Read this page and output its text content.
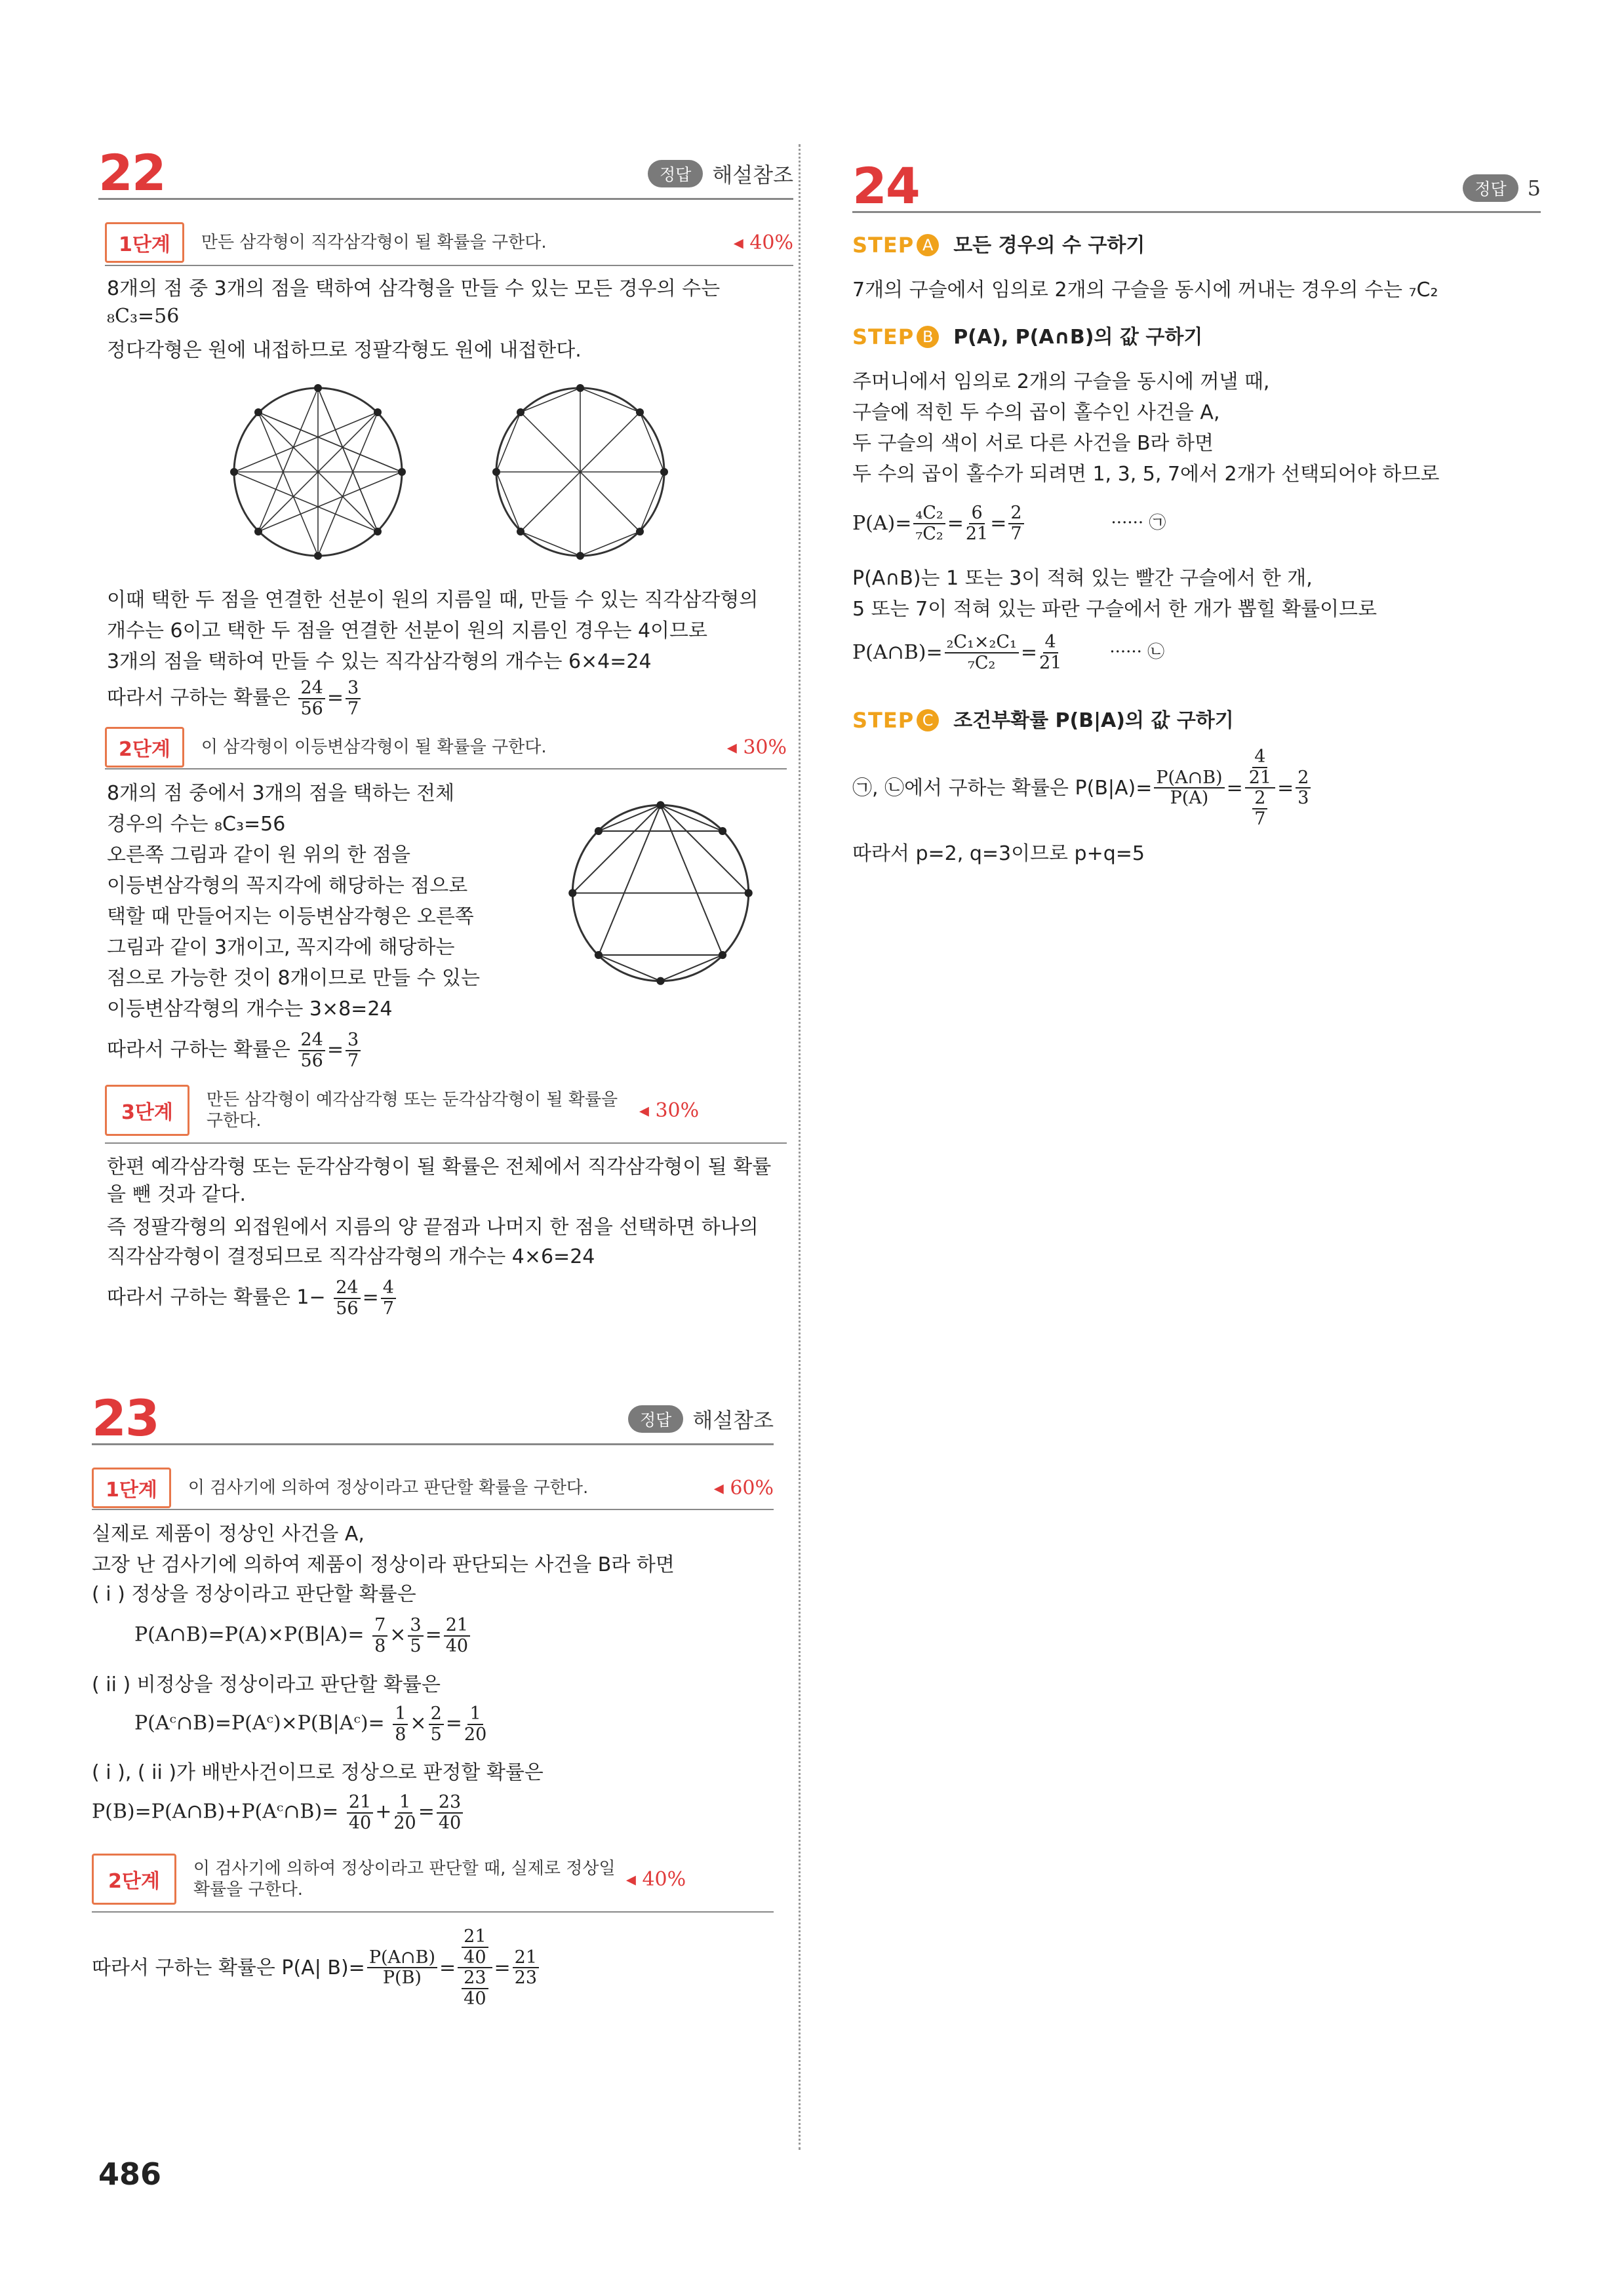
22	정답	해설참조
1단계	만든 삼각형이 직각삼각형이 될 확률을 구한다.	◂ 40%
8개의 점 중 3개의 점을 택하여 삼각형을 만들 수 있는 모든 경우의 수는
₈C₃=56
정다각형은 원에 내접하므로 정팔각형도 원에 내접한다.
이때 택한 두 점을 연결한 선분이 원의 지름일 때, 만들 수 있는 직각삼각형의
개수는 6이고 택한 두 점을 연결한 선분이 원의 지름인 경우는 4이므로
3개의 점을 택하여 만들 수 있는 직각삼각형의 개수는 6×4=24
따라서 구하는 확률은 $\frac{24}{56} = \frac{3}{7}$
2단계	이 삼각형이 이등변삼각형이 될 확률을 구한다.	◂ 30%
8개의 점 중에서 3개의 점을 택하는 전체
경우의 수는 ₈C₃=56
오른쪽 그림과 같이 원 위의 한 점을
이등변삼각형의 꼭지각에 해당하는 점으로
택할 때 만들어지는 이등변삼각형은 오른쪽
그림과 같이 3개이고, 꼭지각에 해당하는
점으로 가능한 것이 8개이므로 만들 수 있는
이등변삼각형의 개수는 3×8=24
따라서 구하는 확률은 $\frac{24}{56} = \frac{3}{7}$
3단계
만든 삼각형이 예각삼각형 또는 둔각삼각형이 될 확률을 구한다.	◂ 30%
한편 예각삼각형 또는 둔각삼각형이 될 확률은 전체에서 직각삼각형이 될 확률
을 뺀 것과 같다.
즉 정팔각형의 외접원에서 지름의 양 끝점과 나머지 한 점을 선택하면 하나의
직각삼각형이 결정되므로 직각삼각형의 개수는 4×6=24
따라서 구하는 확률은 $1- \frac{24}{56} = \frac{4}{7}$
23	정답	해설참조
1단계	이 검사기에 의하여 정상이라고 판단할 확률을 구한다.	◂ 60%
실제로 제품이 정상인 사건을 A,
고장 난 검사기에 의하여 제품이 정상이라 판단되는 사건을 B라 하면
( i ) 정상을 정상이라고 판단할 확률은
P(A∩B)=P(A)×P(B|A)= $\frac{7}{8} \times \frac{3}{5} = \frac{21}{40}$
( ii ) 비정상을 정상이라고 판단할 확률은
P(Aᶜ∩B)=P(Aᶜ)×P(B|Aᶜ)= $\frac{1}{8} \times \frac{2}{5} = \frac{1}{20}$
( i ), ( ii )가 배반사건이므로 정상으로 판정할 확률은
P(B)=P(A∩B)+P(Aᶜ∩B)= $\frac{21}{40} + \frac{1}{20} = \frac{23}{40}$
2단계
이 검사기에 의하여 정상이라고 판단할 때, 실제로 정상일 확률을 구한다.	◂ 40%
따라서 구하는 확률은 P(A| $B)= \frac{P(A\cap B)}{P(B)} = \frac{\frac{21}{40}}{\frac{23}{40}} = \frac{21}{23}$
24	정답	5
STEP A 모든 경우의 수 구하기
7개의 구슬에서 임의로 2개의 구슬을 동시에 꺼내는 경우의 수는 ₇C₂
STEP B P(A), P(A∩B)의 값 구하기
주머니에서 임의로 2개의 구슬을 동시에 꺼낼 때,
구슬에 적힌 두 수의 곱이 홀수인 사건을 A,
두 구슬의 색이 서로 다른 사건을 B라 하면
두 수의 곱이 홀수가 되려면 1, 3, 5, 7에서 2개가 선택되어야 하므로
$P(A)= \frac{\text{₄C₂}}{\text{₇C₂}} = \frac{6}{21} = \frac{2}{7}$	······ ㉠
P(A∩B)는 1 또는 3이 적혀 있는 빨간 구슬에서 한 개,
5 또는 7이 적혀 있는 파란 구슬에서 한 개가 뽑힐 확률이므로
P(A∩B)= $\frac{\text{₂C₁×₂C₁}}{\text{₇C₂}} = \frac{4}{21}$	······ ㉡
STEP C 조건부확률 P(B|A)의 값 구하기
㉠, ㉡에서 구하는 확률은 $P(B|A)= \frac{P(A\cap B)}{P(A)} = \frac{\frac{4}{21}}{\frac{2}{7}} = \frac{2}{3}$
따라서 p=2, q=3이므로 p+q=5
486
